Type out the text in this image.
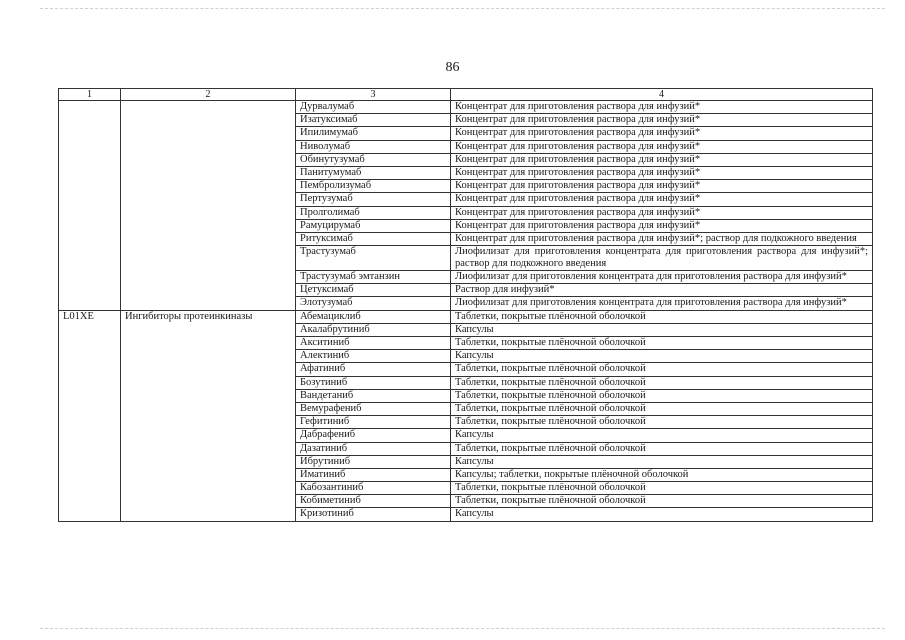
86
1	2	3	4
		Дурвалумаб	Концентрат для приготовления раствора для инфузий*
		Изатуксимаб	Концентрат для приготовления раствора для инфузий*
		Ипилимумаб	Концентрат для приготовления раствора для инфузий*
		Ниволумаб	Концентрат для приготовления раствора для инфузий*
		Обинутузумаб	Концентрат для приготовления раствора для инфузий*
		Панитумумаб	Концентрат для приготовления раствора для инфузий*
		Пембролизумаб	Концентрат для приготовления раствора для инфузий*
		Пертузумаб	Концентрат для приготовления раствора для инфузий*
		Пролголимаб	Концентрат для приготовления раствора для инфузий*
		Рамуцирумаб	Концентрат для приготовления раствора для инфузий*
		Ритуксимаб	Концентрат для приготовления раствора для инфузий*; раствор для подкожного введения
		Трастузумаб	Лиофилизат для приготовления концентрата для приготовления раствора для инфузий*; раствор для подкожного введения
		Трастузумаб эмтанзин	Лиофилизат для приготовления концентрата для приготовления раствора для инфузий*
		Цетуксимаб	Раствор для инфузий*
		Элотузумаб	Лиофилизат для приготовления концентрата для приготовления раствора для инфузий*
L01XE	Ингибиторы протеинкиназы	Абемациклиб	Таблетки, покрытые плёночной оболочкой
		Акалабрутиниб	Капсулы
		Акситиниб	Таблетки, покрытые плёночной оболочкой
		Алектиниб	Капсулы
		Афатиниб	Таблетки, покрытые плёночной оболочкой
		Бозутиниб	Таблетки, покрытые плёночной оболочкой
		Вандетаниб	Таблетки, покрытые плёночной оболочкой
		Вемурафениб	Таблетки, покрытые плёночной оболочкой
		Гефитиниб	Таблетки, покрытые плёночной оболочкой
		Дабрафениб	Капсулы
		Дазатиниб	Таблетки, покрытые плёночной оболочкой
		Ибрутиниб	Капсулы
		Иматиниб	Капсулы; таблетки, покрытые плёночной оболочкой
		Кабозантиниб	Таблетки, покрытые плёночной оболочкой
		Кобиметиниб	Таблетки, покрытые плёночной оболочкой
		Кризотиниб	Капсулы
